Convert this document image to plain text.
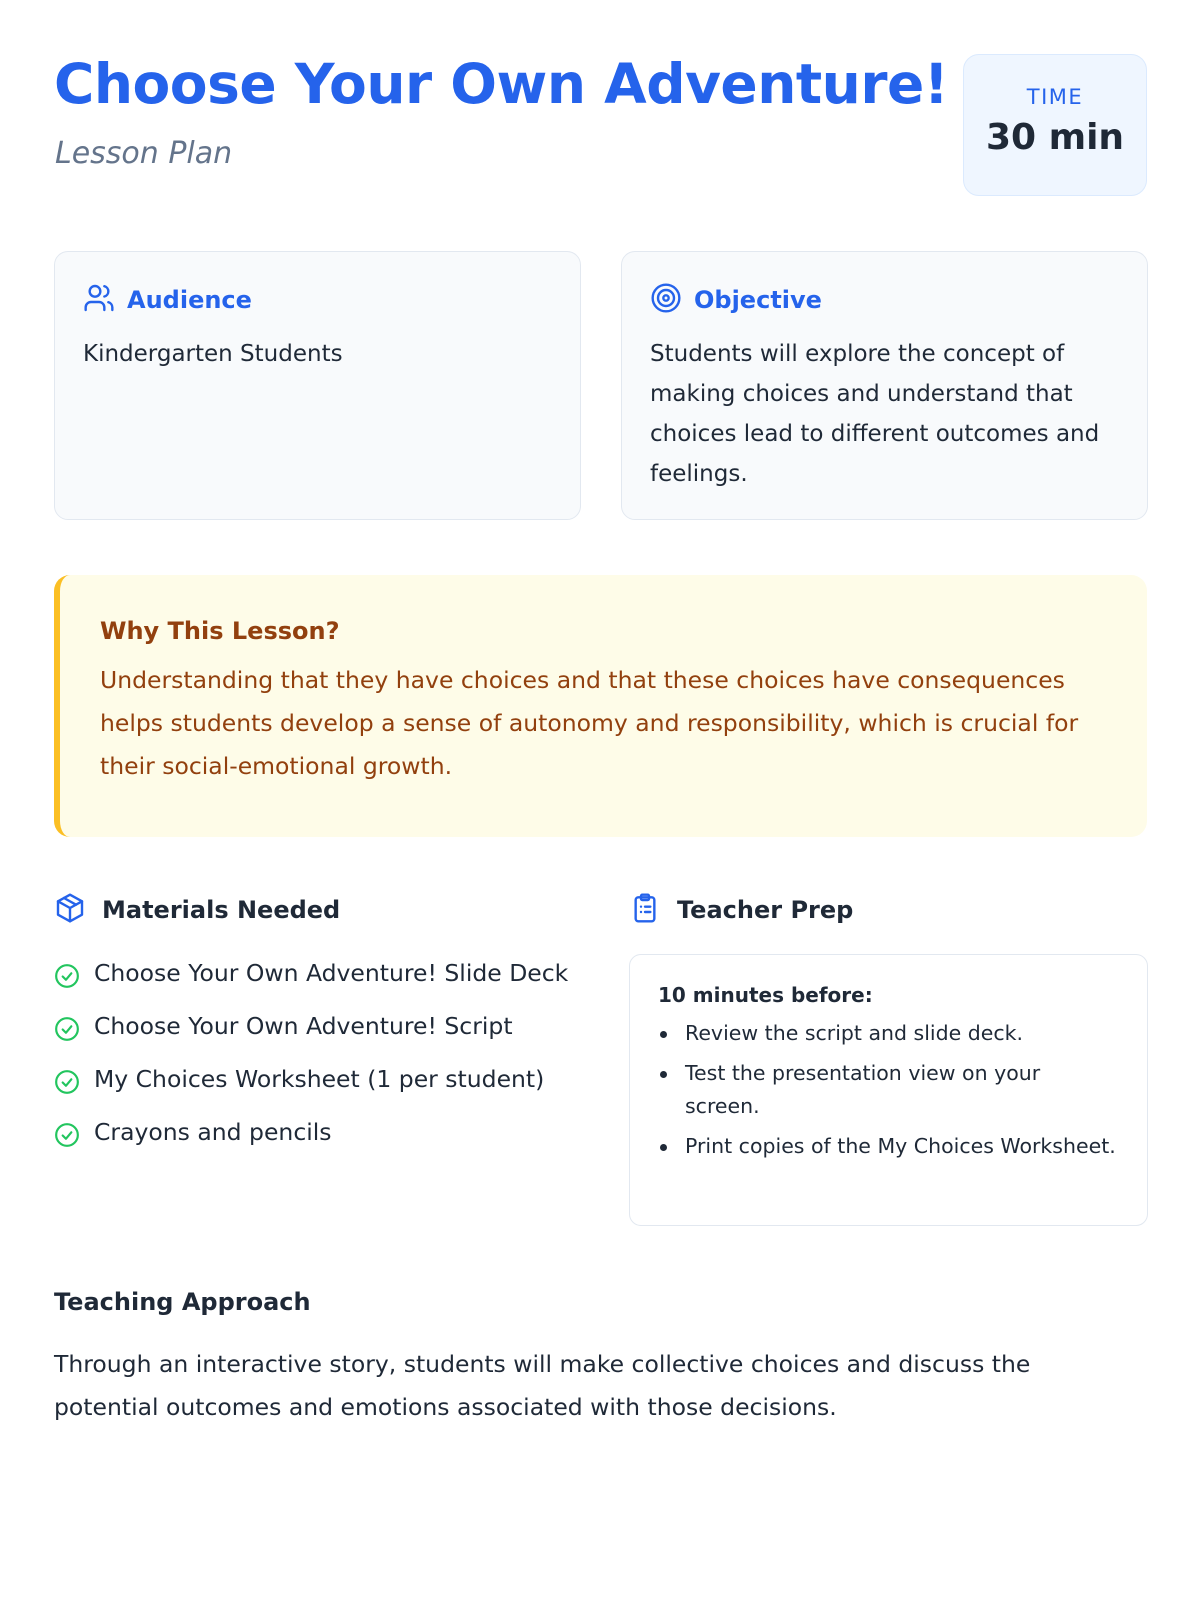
Choose Your Own Adventure!
Lesson Plan
TIME
30 min
Audience

Kindergarten Students

Objective

Students will explore the concept of making choices and understand that choices lead to different outcomes and feelings.

Why This Lesson?

Understanding that they have choices and that these choices have consequences helps students develop a sense of autonomy and responsibility, which is crucial for their social-emotional growth.

Materials Needed
Choose Your Own Adventure! Slide Deck
Choose Your Own Adventure! Script
My Choices Worksheet (1 per student)
Crayons and pencils
Teacher Prep
10 minutes before:
Review the script and slide deck.
Test the presentation view on your screen.
Print copies of the My Choices Worksheet.
Teaching Approach

Through an interactive story, students will make collective choices and discuss the potential outcomes and emotions associated with those decisions.
